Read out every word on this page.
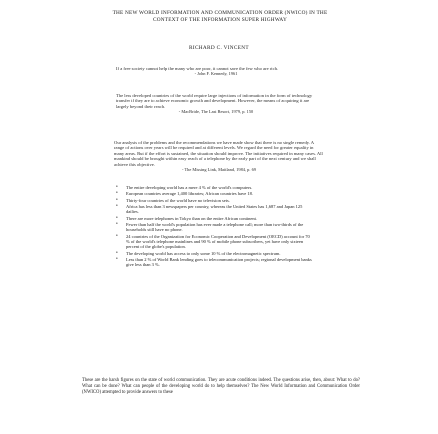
THE NEW WORLD INFORMATION AND COMMUNICATION ORDER (NWICO) IN THE
CONTEXT OF THE INFORMATION SUPER HIGHWAY
RICHARD C. VINCENT
If a free society cannot help the many who are poor, it cannot save the few who are rich.
- John F. Kennedy, 1961
The less developed countries of the world require large injections of information in the form of technology transfer if they are to achieve economic growth and development. However, the means of acquiring it are largely beyond their reach.
- MacBride, The Last Resort, 1979, p. 150
Our analysis of the problems and the recommendations we have made show that there is no single remedy. A range of actions over years will be required and at different levels. We regard the need for greater equality in many areas. But if the effort is sustained, the situation should improve. The initiatives required in many cases. All mankind should be brought within easy reach of a telephone by the early part of the next century and we shall achieve this objective.
- The Missing Link, Maitland, 1984, p. 69
• The entire developing world has a mere 4 % of the world's computers.
• European countries average 1,400 libraries; African countries have 18.
• Thirty-four countries of the world have no television sets.
• Africa has less than 3 newspapers per country, whereas the United States has 1,687 and Japan 125 dailies.
• There are more telephones in Tokyo than on the entire African continent.
• Fewer than half the world's population has ever made a telephone call; more than two-thirds of the households still have no phone.
• 24 countries of the Organization for Economic Cooperation and Development (OECD) account for 70 % of the world's telephone mainlines and 90 % of mobile phone subscribers, yet have only sixteen percent of the globe's population.
• The developing world has access to only some 10 % of the electromagnetic spectrum.
• Less than 2 % of World Bank lending goes to telecommunication projects; regional development banks give less than 3 %.
These are the harsh figures on the state of world communication. They are acute conditions indeed. The questions arise, then, about: What to do? What can be done? What can people of the developing world do to help themselves? The New World Information and Communication Order (NWICO) attempted to provide answers to these
